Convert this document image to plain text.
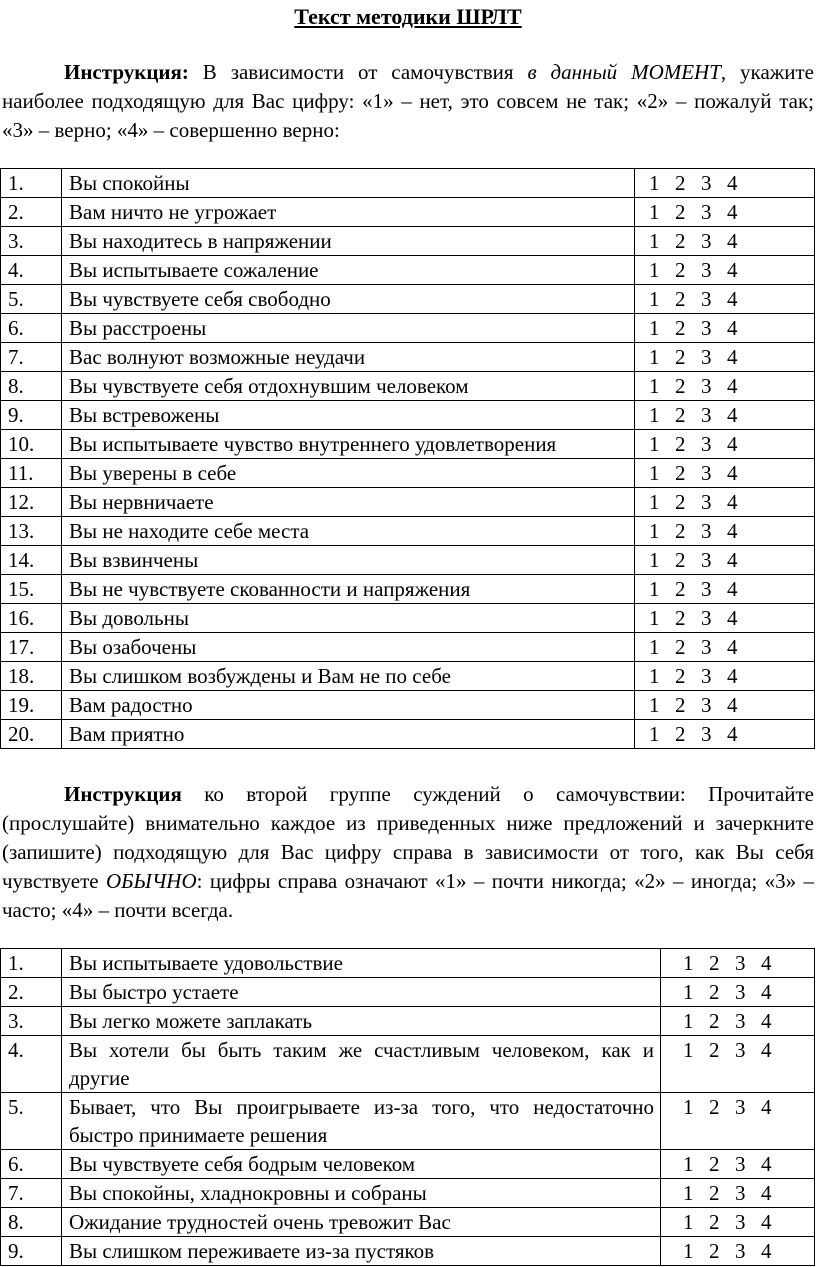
Текст методики ШРЛТ
Инструкция: В зависимости от самочувствия в данный МОМЕНТ, укажите наиболее подходящую для Вас цифру: «1» – нет, это совсем не так; «2» – пожалуй так; «3» – верно; «4» – совершенно верно:
1.	Вы спокойны	1 2 3 4

2.	Вам ничто не угрожает	1 2 3 4

3.	Вы находитесь в напряжении	1 2 3 4

4.	Вы испытываете сожаление	1 2 3 4

5.	Вы чувствуете себя свободно	1 2 3 4

6.	Вы расстроены	1 2 3 4

7.	Вас волнуют возможные неудачи	1 2 3 4

8.	Вы чувствуете себя отдохнувшим человеком	1 2 3 4

9.	Вы встревожены	1 2 3 4

10.	Вы испытываете чувство внутреннего удовлетворения	1 2 3 4

11.	Вы уверены в себе	1 2 3 4

12.	Вы нервничаете	1 2 3 4

13.	Вы не находите себе места	1 2 3 4

14.	Вы взвинчены	1 2 3 4

15.	Вы не чувствуете скованности и напряжения	1 2 3 4

16.	Вы довольны	1 2 3 4

17.	Вы озабочены	1 2 3 4

18.	Вы слишком возбуждены и Вам не по себе	1 2 3 4

19.	Вам радостно	1 2 3 4

20.	Вам приятно	1 2 3 4
Инструкция ко второй группе суждений о самочувствии: Прочитайте (прослушайте) внимательно каждое из приведенных ниже предложений и зачеркните (запишите) подходящую для Вас цифру справа в зависимости от того, как Вы себя чувствуете ОБЫЧНО: цифры справа означают «1» – почти никогда; «2» – иногда; «3» – часто; «4» – почти всегда.
1.	Вы испытываете удовольствие	1 2 3 4

2.	Вы быстро устаете	1 2 3 4

3.	Вы легко можете заплакать	1 2 3 4

4.	Вы хотели бы быть таким же счастливым человеком, как и другие	1 2 3 4

5.	Бывает, что Вы проигрываете из-за того, что недостаточно быстро принимаете решения	1 2 3 4

6.	Вы чувствуете себя бодрым человеком	1 2 3 4

7.	Вы спокойны, хладнокровны и собраны	1 2 3 4

8.	Ожидание трудностей очень тревожит Вас	1 2 3 4

9.	Вы слишком переживаете из-за пустяков	1 2 3 4
